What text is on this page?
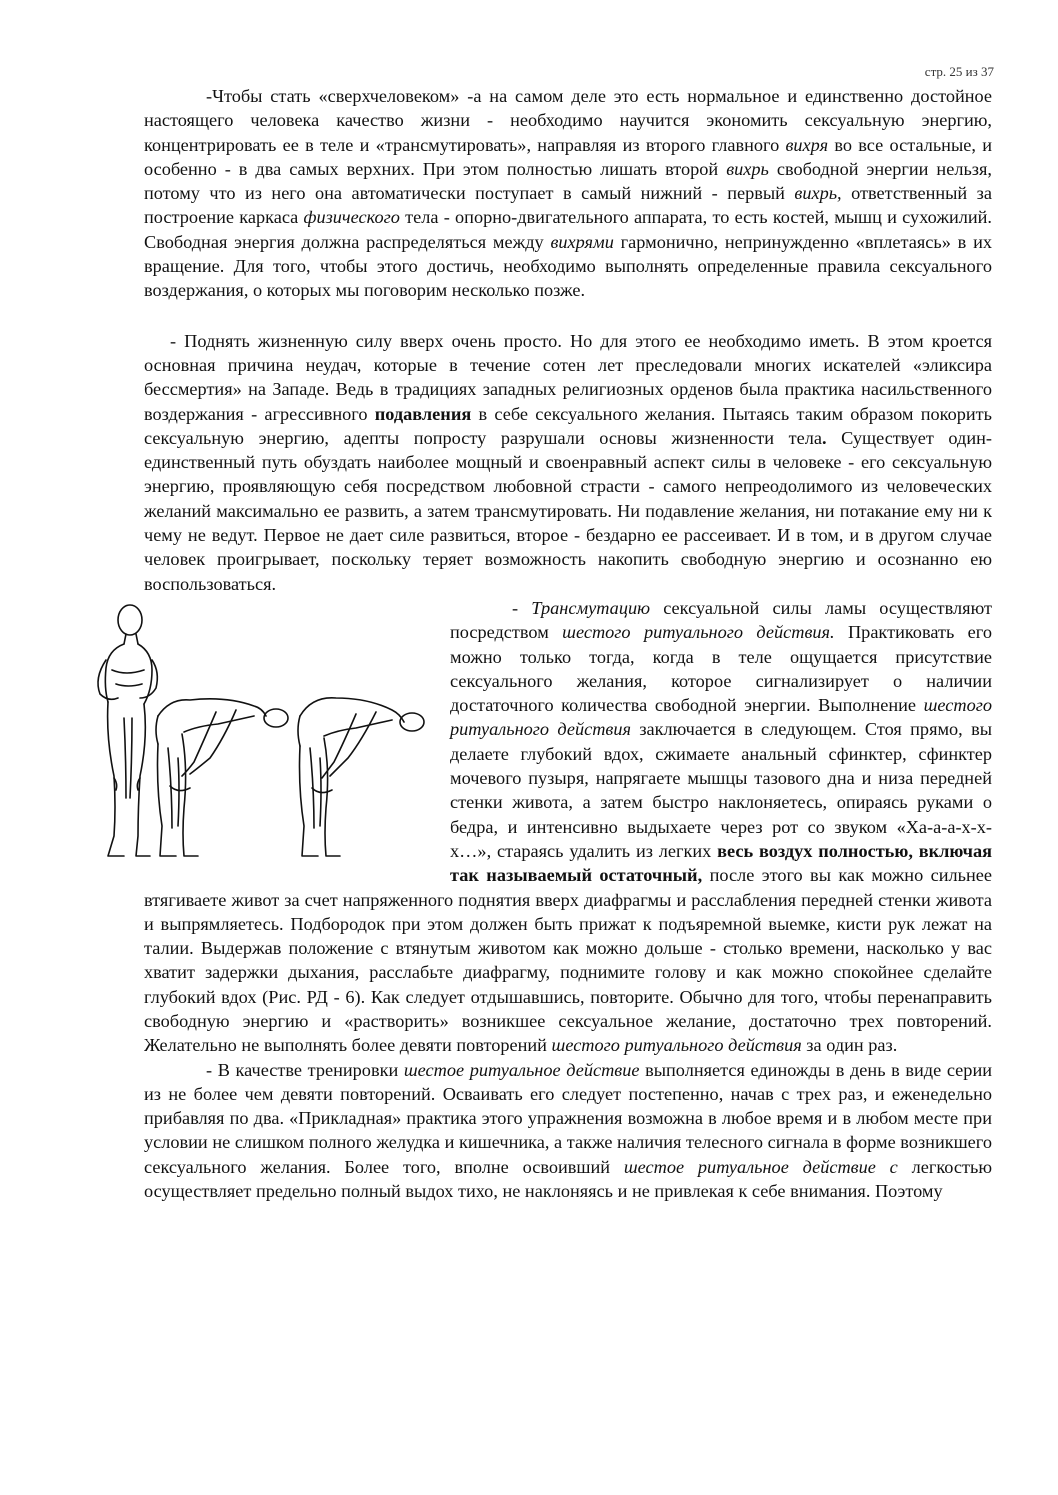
стр. 25 из 37

-Чтобы стать «сверхчеловеком» -а на самом деле это есть нормальное и единственно достойное настоящего человека качество жизни - необходимо научится экономить сексуальную энергию, концентрировать ее в теле и «трансмутировать», направляя из второго главного вихря во все остальные, и особенно - в два самых верхних. При этом полностью лишать второй вихрь свободной энергии нельзя, потому что из него она автоматически поступает в самый нижний - первый вихрь, ответственный за построение каркаса физического тела - опорно-двигательного аппарата, то есть костей, мышц и сухожилий. Свободная энергия должна распределяться между вихрями гармонично, непринужденно «вплетаясь» в их вращение. Для того, чтобы этого достичь, необходимо выполнять определенные правила сексуального воздержания, о которых мы поговорим несколько позже.

- Поднять жизненную силу вверх очень просто. Но для этого ее необходимо иметь. В этом кроется основная причина неудач, которые в течение сотен лет преследовали многих искателей «эликсира бессмертия» на Западе. Ведь в традициях западных религиозных орденов была практика насильственного воздержания - агрессивного подавления в себе сексуального желания. Пытаясь таким образом покорить сексуальную энергию, адепты попросту разрушали основы жизненности тела. Существует один-единственный путь обуздать наиболее мощный и своенравный аспект силы в человеке - его сексуальную энергию, проявляющую себя посредством любовной страсти - самого непреодолимого из человеческих желаний максимально ее развить, а затем трансмутировать. Ни подавление желания, ни потакание ему ни к чему не ведут. Первое не дает силе развиться, второе - бездарно ее рассеивает. И в том, и в другом случае человек проигрывает, поскольку теряет возможность накопить свободную энергию и осознанно ею воспользоваться.

- Трансмутацию сексуальной силы ламы осуществляют посредством шестого ритуального действия. Практиковать его можно только тогда, когда в теле ощущается присутствие сексуального желания, которое сигнализирует о наличии достаточного количества свободной энергии. Выполнение шестого ритуального действия заключается в следующем. Стоя прямо, вы делаете глубокий вдох, сжимаете анальный сфинктер, сфинктер мочевого пузыря, напрягаете мышцы тазового дна и низа передней стенки живота, а затем быстро наклоняетесь, опираясь руками о бедра, и интенсивно выдыхаете через рот со звуком «Ха-а-а-х-х-х…», стараясь удалить из легких весь воздух полностью, включая так называемый остаточный, после этого вы как можно сильнее втягиваете живот за счет напряженного поднятия вверх диафрагмы и расслабления передней стенки живота и выпрямляетесь. Подбородок при этом должен быть прижат к подъяремной выемке, кисти рук лежат на талии. Выдержав положение с втянутым животом как можно дольше - столько времени, насколько у вас хватит задержки дыхания, расслабьте диафрагму, поднимите голову и как можно спокойнее сделайте глубокий вдох (Рис. РД - 6). Как следует отдышавшись, повторите. Обычно для того, чтобы перенаправить свободную энергию и «растворить» возникшее сексуальное желание, достаточно трех повторений. Желательно не выполнять более девяти повторений шестого ритуального действия за один раз.

- В качестве тренировки шестое ритуальное действие выполняется единожды в день в виде серии из не более чем девяти повторений. Осваивать его следует постепенно, начав с трех раз, и еженедельно прибавляя по два. «Прикладная» практика этого упражнения возможна в любое время и в любом месте при условии не слишком полного желудка и кишечника, а также наличия телесного сигнала в форме возникшего сексуального желания. Более того, вполне освоивший шестое ритуальное действие с легкостью осуществляет предельно полный выдох тихо, не наклоняясь и не привлекая к себе внимания. Поэтому
